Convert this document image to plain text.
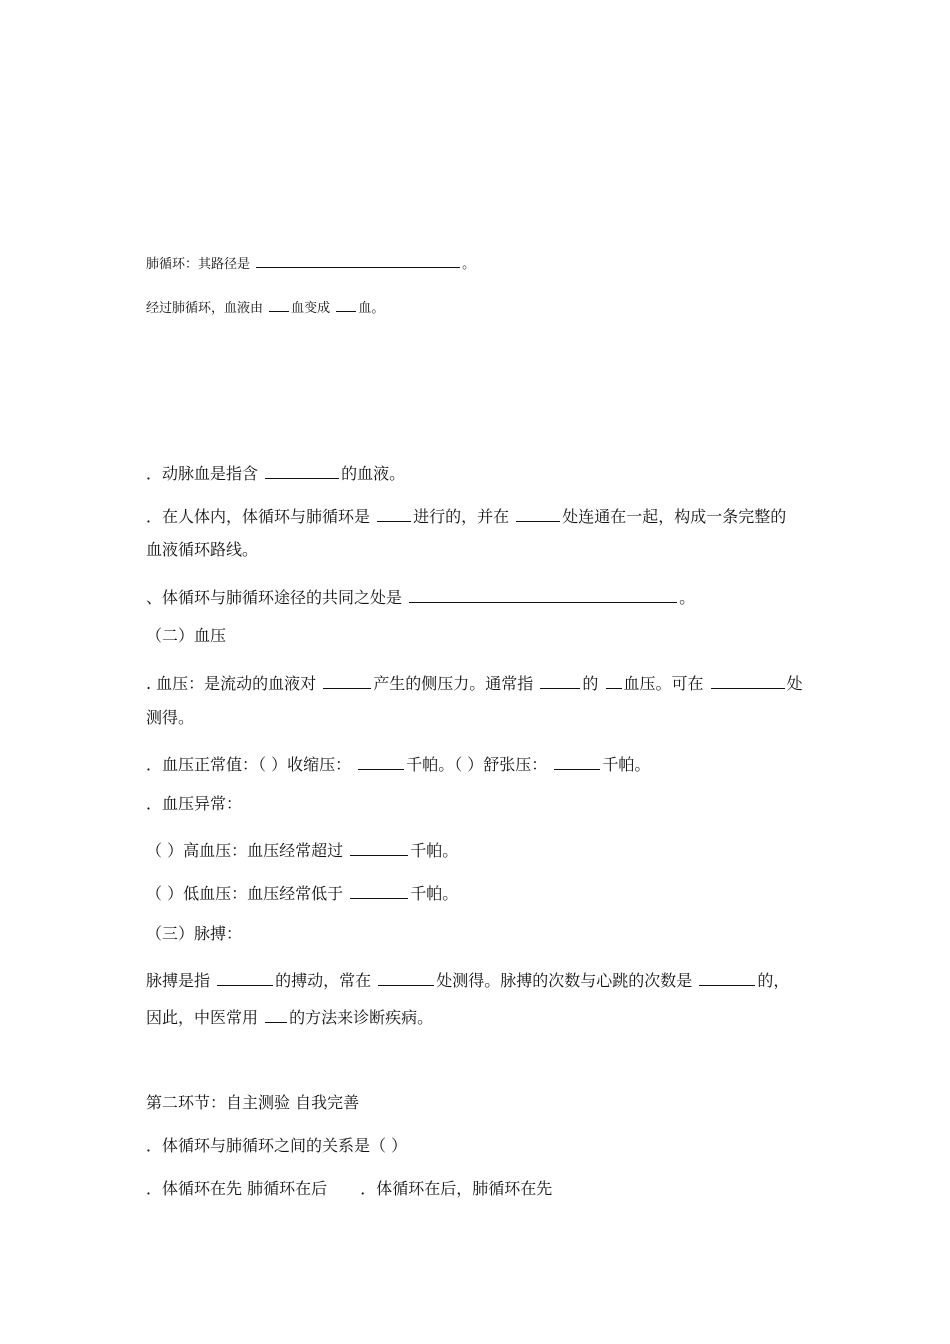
肺循环：其路径是	。
经过肺循环，血液由 血变成 血。
．动脉血是指含	的血液。
．在人体内，体循环与肺循环是	进行的，并在	处连通在一起，构成一条完整的
血液循环路线。
、体循环与肺循环途径的共同之处是	。
（二）血压
. 血压：是流动的血液对	产生的侧压力。通常指	的 血压。可在	处
测得。
．血压正常值：（ ）收缩压：	千帕。（ ）舒张压：	千帕。
．血压异常：
（ ）高血压：血压经常超过	千帕。
（ ）低血压：血压经常低于	千帕。
（三）脉搏：
脉搏是指	的搏动，常在	处测得。脉搏的次数与心跳的次数是	的，
因此，中医常用 的方法来诊断疾病。
第二环节：自主测验 自我完善
．体循环与肺循环之间的关系是（ ）
．体循环在先 肺循环在后 ．体循环在后，肺循环在先
